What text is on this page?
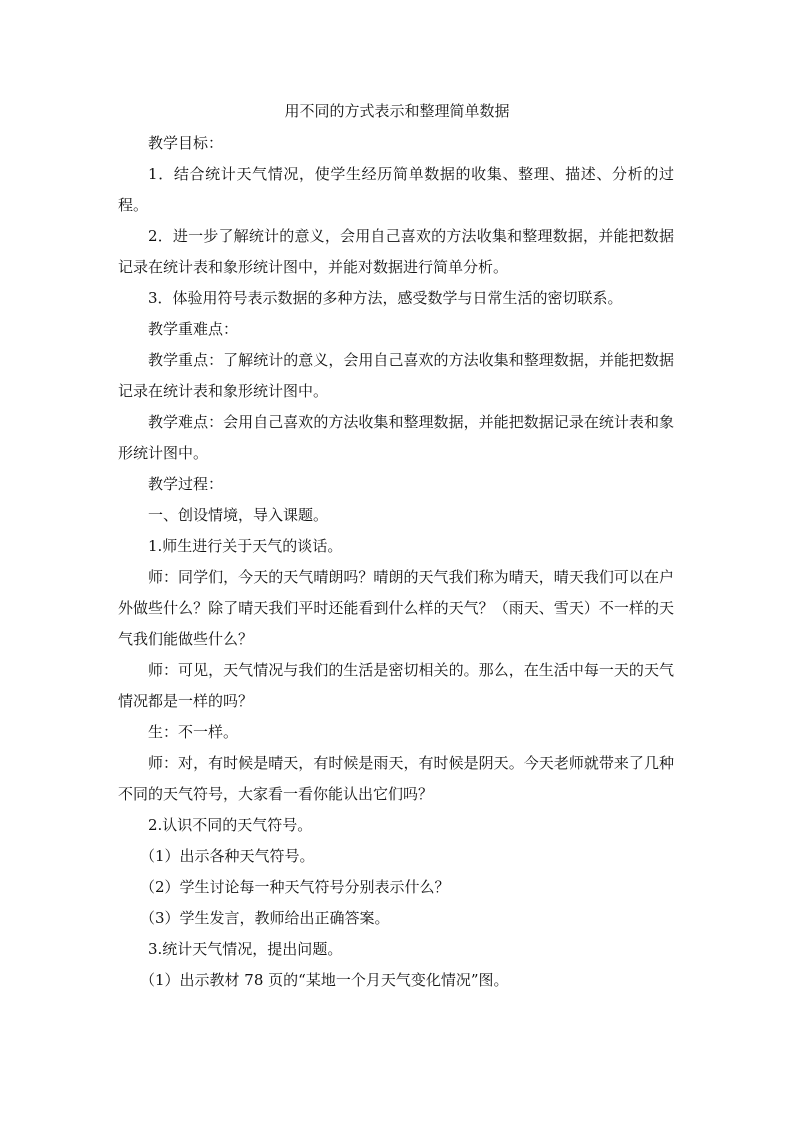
用不同的方式表示和整理简单数据
教学目标：
1．结合统计天气情况，使学生经历简单数据的收集、整理、描述、分析的过程。
2．进一步了解统计的意义，会用自己喜欢的方法收集和整理数据，并能把数据记录在统计表和象形统计图中，并能对数据进行简单分析。
3．体验用符号表示数据的多种方法，感受数学与日常生活的密切联系。
教学重难点：
教学重点：了解统计的意义，会用自己喜欢的方法收集和整理数据，并能把数据记录在统计表和象形统计图中。
教学难点：会用自己喜欢的方法收集和整理数据，并能把数据记录在统计表和象形统计图中。
教学过程：
一、创设情境，导入课题。
1.师生进行关于天气的谈话。
师：同学们，今天的天气晴朗吗？晴朗的天气我们称为晴天，晴天我们可以在户外做些什么？除了晴天我们平时还能看到什么样的天气？（雨天、雪天）不一样的天气我们能做些什么？
师：可见，天气情况与我们的生活是密切相关的。那么，在生活中每一天的天气情况都是一样的吗？
生：不一样。
师：对，有时候是晴天，有时候是雨天，有时候是阴天。今天老师就带来了几种不同的天气符号，大家看一看你能认出它们吗？
2.认识不同的天气符号。
（1）出示各种天气符号。
（2）学生讨论每一种天气符号分别表示什么？
（3）学生发言，教师给出正确答案。
3.统计天气情况，提出问题。
（1）出示教材 78 页的“某地一个月天气变化情况”图。
